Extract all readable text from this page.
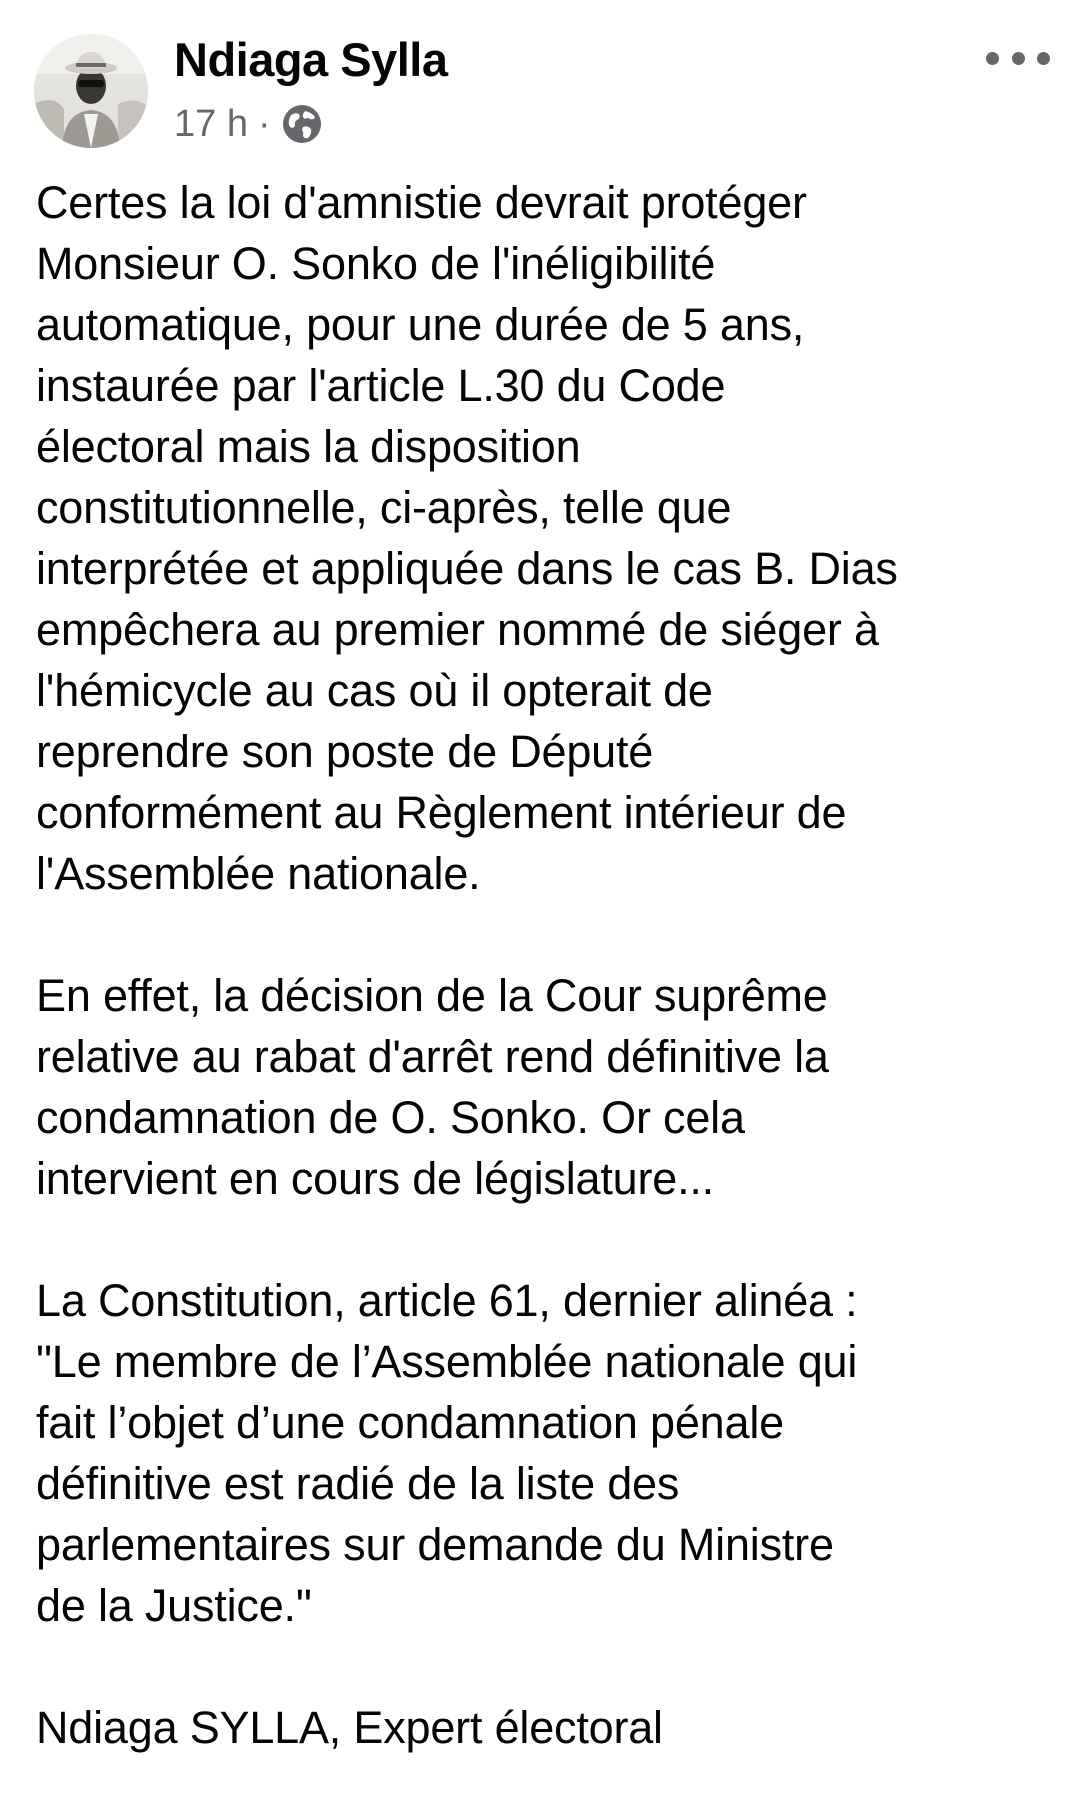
Ndiaga Sylla
17 h ·
Certes la loi d'amnistie devrait protéger
Monsieur O. Sonko de l'inéligibilité
automatique, pour une durée de 5 ans,
instaurée par l'article L.30 du Code
électoral mais la disposition
constitutionnelle, ci-après, telle que
interprétée et appliquée dans le cas B. Dias
empêchera au premier nommé de siéger à
l'hémicycle au cas où il opterait de
reprendre son poste de Député
conformément au Règlement intérieur de
l'Assemblée nationale.
En effet, la décision de la Cour suprême
relative au rabat d'arrêt rend définitive la
condamnation de O. Sonko. Or cela
intervient en cours de législature...
La Constitution, article 61, dernier alinéa :
"Le membre de l’Assemblée nationale qui
fait l’objet d’une condamnation pénale
définitive est radié de la liste des
parlementaires sur demande du Ministre
de la Justice."
Ndiaga SYLLA, Expert électoral
